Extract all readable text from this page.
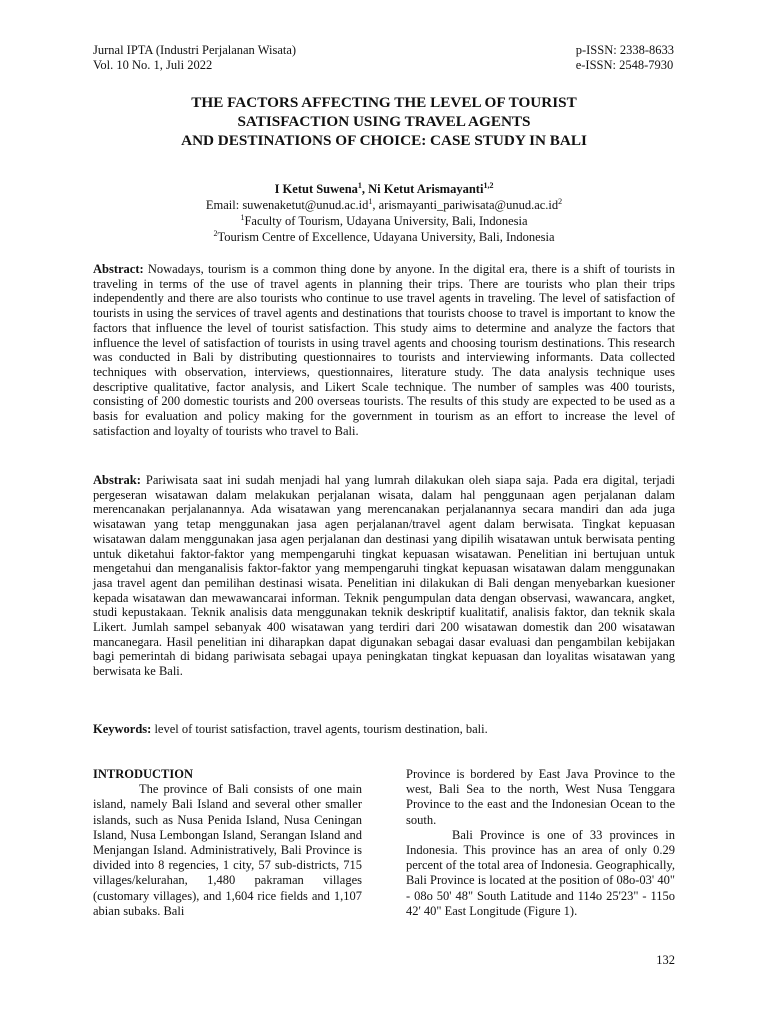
Jurnal IPTA (Industri Perjalanan Wisata)
Vol. 10 No. 1, Juli 2022
p-ISSN: 2338-8633
e-ISSN: 2548-7930
THE FACTORS AFFECTING THE LEVEL OF TOURIST
SATISFACTION USING TRAVEL AGENTS
AND DESTINATIONS OF CHOICE: CASE STUDY IN BALI
I Ketut Suwena$^1$, Ni Ketut Arismayanti$^{1,2}$
Email: $suwenaketut@unud.ac.id^1$, $arismayanti\_pariwisata@unud.ac.id^2$
$^1$Faculty of Tourism, Udayana University, Bali, Indonesia
$^2$Tourism Centre of Excellence, Udayana University, Bali, Indonesia
Abstract: Nowadays, tourism is a common thing done by anyone. In the digital era, there is a shift of tourists in traveling in terms of the use of travel agents in planning their trips. There are tourists who plan their trips independently and there are also tourists who continue to use travel agents in traveling. The level of satisfaction of tourists in using the services of travel agents and destinations that tourists choose to travel is important to know the factors that influence the level of tourist satisfaction. This study aims to determine and analyze the factors that influence the level of satisfaction of tourists in using travel agents and choosing tourism destinations. This research was conducted in Bali by distributing questionnaires to tourists and interviewing informants. Data collected techniques with observation, interviews, questionnaires, literature study. The data analysis technique uses descriptive qualitative, factor analysis, and Likert Scale technique. The number of samples was 400 tourists, consisting of 200 domestic tourists and 200 overseas tourists. The results of this study are expected to be used as a basis for evaluation and policy making for the government in tourism as an effort to increase the level of satisfaction and loyalty of tourists who travel to Bali.
Abstrak: Pariwisata saat ini sudah menjadi hal yang lumrah dilakukan oleh siapa saja. Pada era digital, terjadi pergeseran wisatawan dalam melakukan perjalanan wisata, dalam hal penggunaan agen perjalanan dalam merencanakan perjalanannya. Ada wisatawan yang merencanakan perjalanannya secara mandiri dan ada juga wisatawan yang tetap menggunakan jasa agen perjalanan/travel agent dalam berwisata. Tingkat kepuasan wisatawan dalam menggunakan jasa agen perjalanan dan destinasi yang dipilih wisatawan untuk berwisata penting untuk diketahui faktor-faktor yang mempengaruhi tingkat kepuasan wisatawan. Penelitian ini bertujuan untuk mengetahui dan menganalisis faktor-faktor yang mempengaruhi tingkat kepuasan wisatawan dalam menggunakan jasa travel agent dan pemilihan destinasi wisata. Penelitian ini dilakukan di Bali dengan menyebarkan kuesioner kepada wisatawan dan mewawancarai informan. Teknik pengumpulan data dengan observasi, wawancara, angket, studi kepustakaan. Teknik analisis data menggunakan teknik deskriptif kualitatif, analisis faktor, dan teknik skala Likert. Jumlah sampel sebanyak 400 wisatawan yang terdiri dari 200 wisatawan domestik dan 200 wisatawan mancanegara. Hasil penelitian ini diharapkan dapat digunakan sebagai dasar evaluasi dan pengambilan kebijakan bagi pemerintah di bidang pariwisata sebagai upaya peningkatan tingkat kepuasan dan loyalitas wisatawan yang berwisata ke Bali.
Keywords: level of tourist satisfaction, travel agents, tourism destination, bali.
INTRODUCTION
The province of Bali consists of one main island, namely Bali Island and several other smaller islands, such as Nusa Penida Island, Nusa Ceningan Island, Nusa Lembongan Island, Serangan Island and Menjangan Island. Administratively, Bali Province is divided into 8 regencies, 1 city, 57 sub-districts, 715 villages/kelurahan, 1,480 pakraman villages (customary villages), and 1,604 rice fields and 1,107 abian subaks. Bali
Province is bordered by East Java Province to the west, Bali Sea to the north, West Nusa Tenggara Province to the east and the Indonesian Ocean to the south.
Bali Province is one of 33 provinces in Indonesia. This province has an area of only 0.29 percent of the total area of Indonesia. Geographically, Bali Province is located at the position of 08o-03' 40" - 08o 50' 48" South Latitude and 114o 25'23" - 115o 42' 40" East Longitude (Figure 1).
132
